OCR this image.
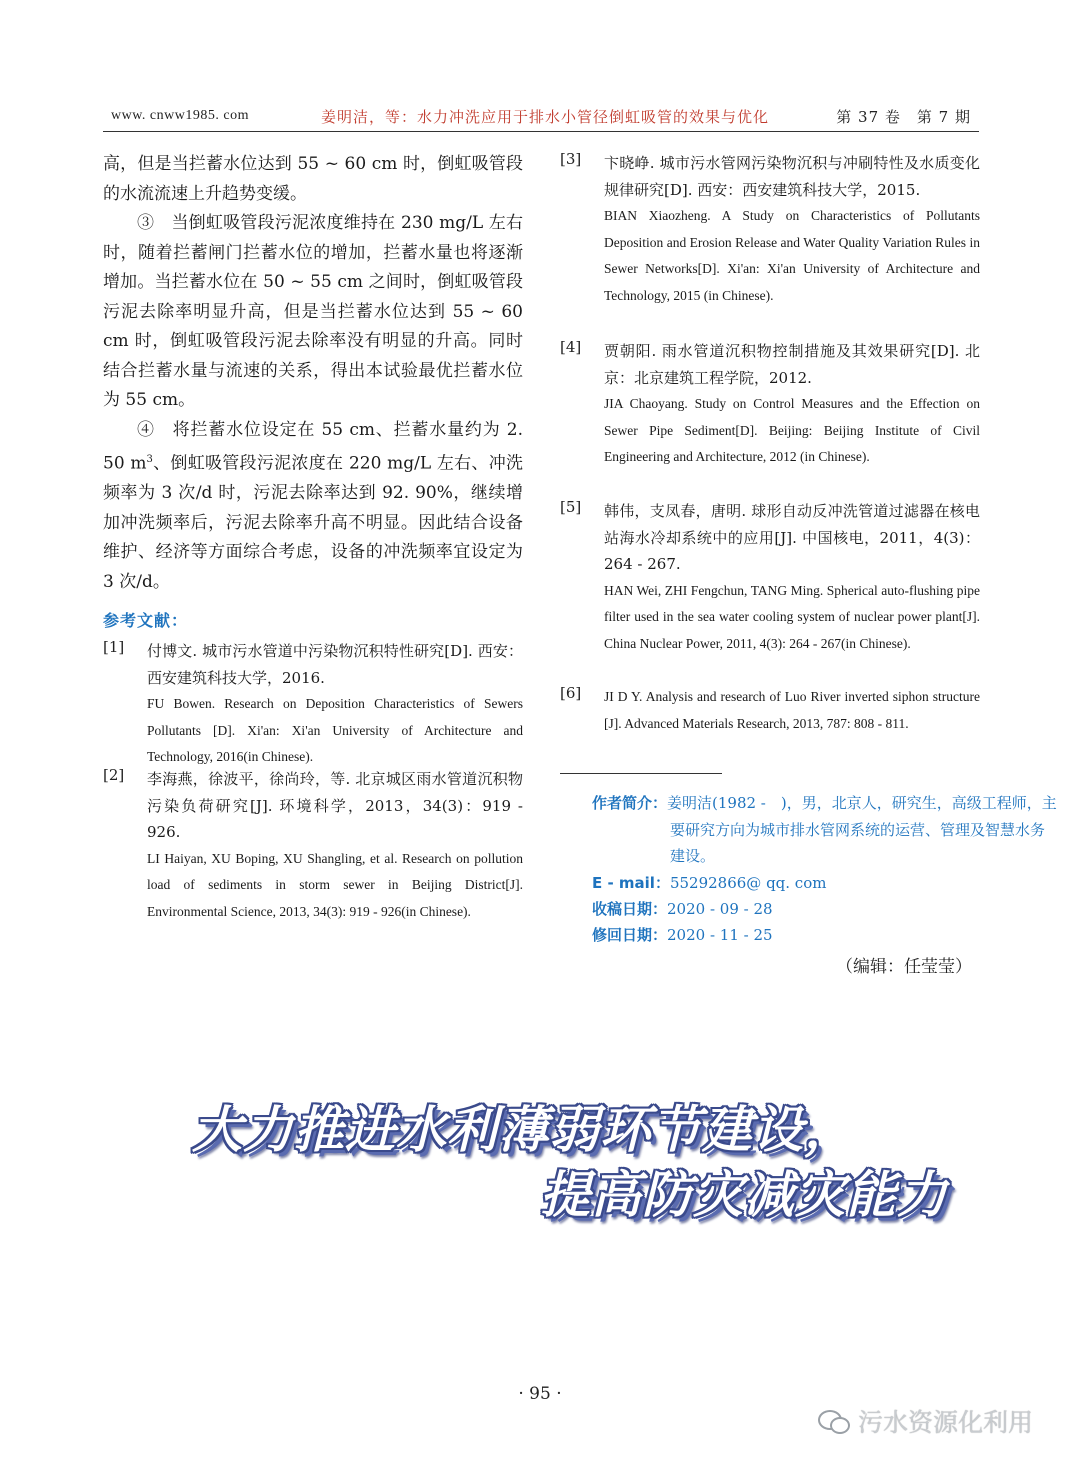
www. cnww1985. com	姜明洁，等：水力冲洗应用于排水小管径倒虹吸管的效果与优化	第 37 卷　第 7 期

高，但是当拦蓄水位达到 55 ~ 60 cm 时，倒虹吸管段的水流流速上升趋势变缓。

③　当倒虹吸管段污泥浓度维持在 230 mg/L 左右时，随着拦蓄闸门拦蓄水位的增加，拦蓄水量也将逐渐增加。当拦蓄水位在 50 ~ 55 cm 之间时，倒虹吸管段污泥去除率明显升高，但是当拦蓄水位达到 55 ~ 60 cm 时，倒虹吸管段污泥去除率没有明显的升高。同时结合拦蓄水量与流速的关系，得出本试验最优拦蓄水位为 55 cm。

④　将拦蓄水位设定在 55 cm、拦蓄水量约为 2. 50 $m^3$、倒虹吸管段污泥浓度在 220 mg/L 左右、冲洗频率为 3 次/d 时，污泥去除率达到 92. 90%，继续增加冲洗频率后，污泥去除率升高不明显。因此结合设备维护、经济等方面综合考虑，设备的冲洗频率宜设定为 3 次/d。

参考文献：
[1] 付博文. 城市污水管道中污染物沉积特性研究[D]. 西安：西安建筑科技大学，2016.

FU Bowen. Research on Deposition Characteristics of Sewers Pollutants [D]. Xi'an: Xi'an University of Architecture and Technology, 2016(in Chinese).

[2] 李海燕，徐波平，徐尚玲，等. 北京城区雨水管道沉积物污染负荷研究[J]. 环境科学，2013，34(3)：919 - 926.

LI Haiyan, XU Boping, XU Shangling, et al. Research on pollution load of sediments in storm sewer in Beijing District[J]. Environmental Science, 2013, 34(3): 919 - 926(in Chinese).

[3] 卞晓峥. 城市污水管网污染物沉积与冲刷特性及水质变化规律研究[D]. 西安：西安建筑科技大学，2015.

BIAN Xiaozheng. A Study on Characteristics of Pollutants Deposition and Erosion Release and Water Quality Variation Rules in Sewer Networks[D]. Xi'an: Xi'an University of Architecture and Technology, 2015 (in Chinese).

[4] 贾朝阳. 雨水管道沉积物控制措施及其效果研究[D]. 北京：北京建筑工程学院，2012.

JIA Chaoyang. Study on Control Measures and the Effection on Sewer Pipe Sediment[D]. Beijing: Beijing Institute of Civil Engineering and Architecture, 2012 (in Chinese).

[5] 韩伟，支凤春，唐明. 球形自动反冲洗管道过滤器在核电站海水冷却系统中的应用[J]. 中国核电，2011，4(3)：264 - 267.

HAN Wei, ZHI Fengchun, TANG Ming. Spherical auto-flushing pipe filter used in the sea water cooling system of nuclear power plant[J]. China Nuclear Power, 2011, 4(3): 264 - 267(in Chinese).

[6] JI D Y. Analysis and research of Luo River inverted siphon structure [J]. Advanced Materials Research, 2013, 787: 808 - 811.

作者简介：姜明洁(1982 -　)，男，北京人，研究生，高级工程师，主要研究方向为城市排水管网系统的运营、管理及智慧水务建设。
E - mail：55292866@ qq. com
收稿日期：2020 - 09 - 28
修回日期：2020 - 11 - 25
（编辑：任莹莹）
大力推进水利薄弱环节建设，
提高防灾减灾能力
· 95 ·
污水资源化利用
